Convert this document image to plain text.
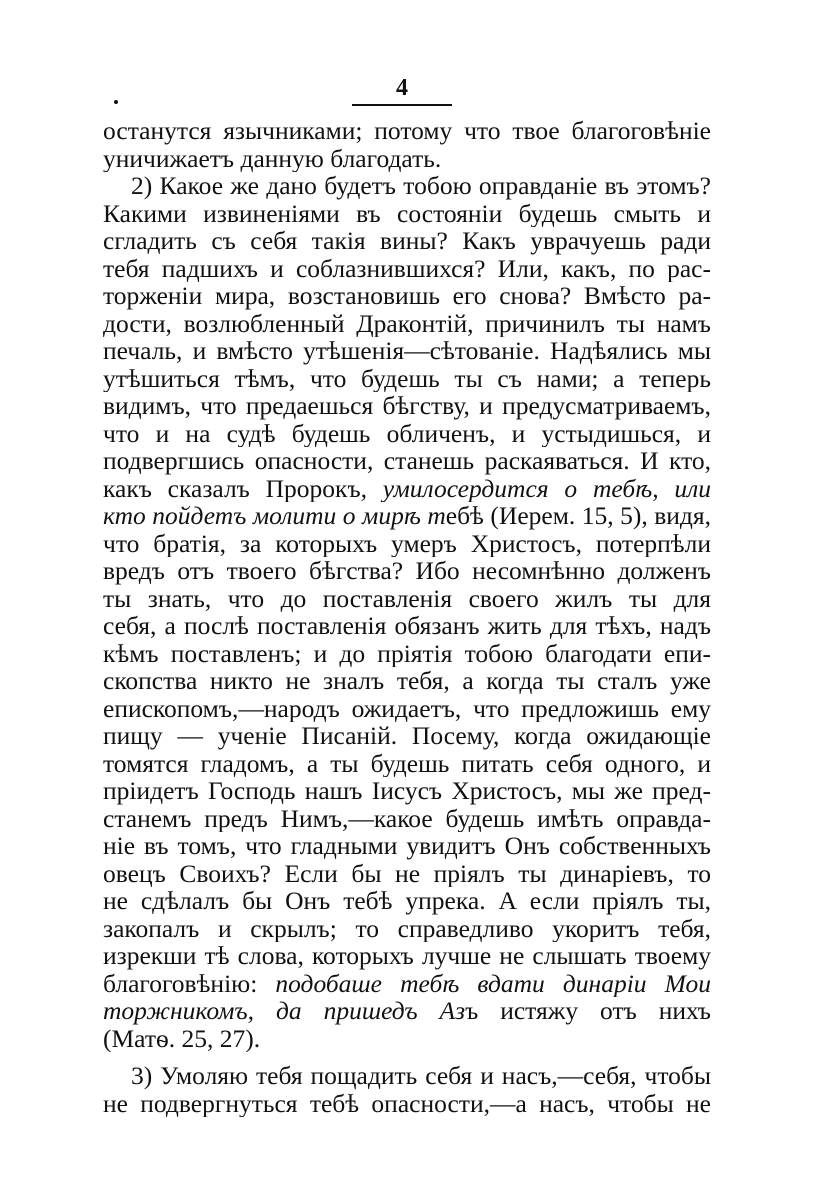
4
останутся язычниками; потому что твое благоговѣніе
уничижаетъ данную благодать.
2) Какое же дано будетъ тобою оправданіе въ этомъ?
Какими извиненіями въ состояніи будешь смыть и
сгладить съ себя такія вины? Какъ уврачуешь ради
тебя падшихъ и соблазнившихся? Или, какъ, по рас-
торженіи мира, возстановишь его снова? Вмѣсто ра-
дости, возлюбленный Драконтій, причинилъ ты намъ
печаль, и вмѣсто утѣшенія—сѣтованіе. Надѣялись мы
утѣшиться тѣмъ, что будешь ты съ нами; а теперь
видимъ, что предаешься бѣгству, и предусматриваемъ,
что и на судѣ будешь обличенъ, и устыдишься, и
подвергшись опасности, станешь раскаяваться. И кто,
какъ сказалъ Пророкъ, умилосердится о тебѣ, или
кто пойдетъ молити о мирѣ тебѣ (Иерем. 15, 5), видя,
что братія, за которыхъ умеръ Христосъ, потерпѣли
вредъ отъ твоего бѣгства? Ибо несомнѣнно долженъ
ты знать, что до поставленія своего жилъ ты для
себя, а послѣ поставленія обязанъ жить для тѣхъ, надъ
кѣмъ поставленъ; и до пріятія тобою благодати епи-
скопства никто не зналъ тебя, а когда ты сталъ уже
епископомъ,—народъ ожидаетъ, что предложишь ему
пищу — ученіе Писаній. Посему, когда ожидающіе
томятся гладомъ, а ты будешь питать себя одного, и
пріидетъ Господь нашъ Іисусъ Христосъ, мы же пред-
станемъ предъ Нимъ,—какое будешь имѣть оправда-
ніе въ томъ, что гладными увидитъ Онъ собственныхъ
овецъ Своихъ? Если бы не пріялъ ты динаріевъ, то
не сдѣлалъ бы Онъ тебѣ упрека. А если пріялъ ты,
закопалъ и скрылъ; то справедливо укоритъ тебя,
изрекши тѣ слова, которыхъ лучше не слышать твоему
благоговѣнію: подобаше тебѣ вдати динаріи Мои
торжникомъ, да пришедъ Азъ истяжу отъ нихъ
(Матѳ. 25, 27).
3) Умоляю тебя пощадить себя и насъ,—себя, чтобы
не подвергнуться тебѣ опасности,—а насъ, чтобы не
